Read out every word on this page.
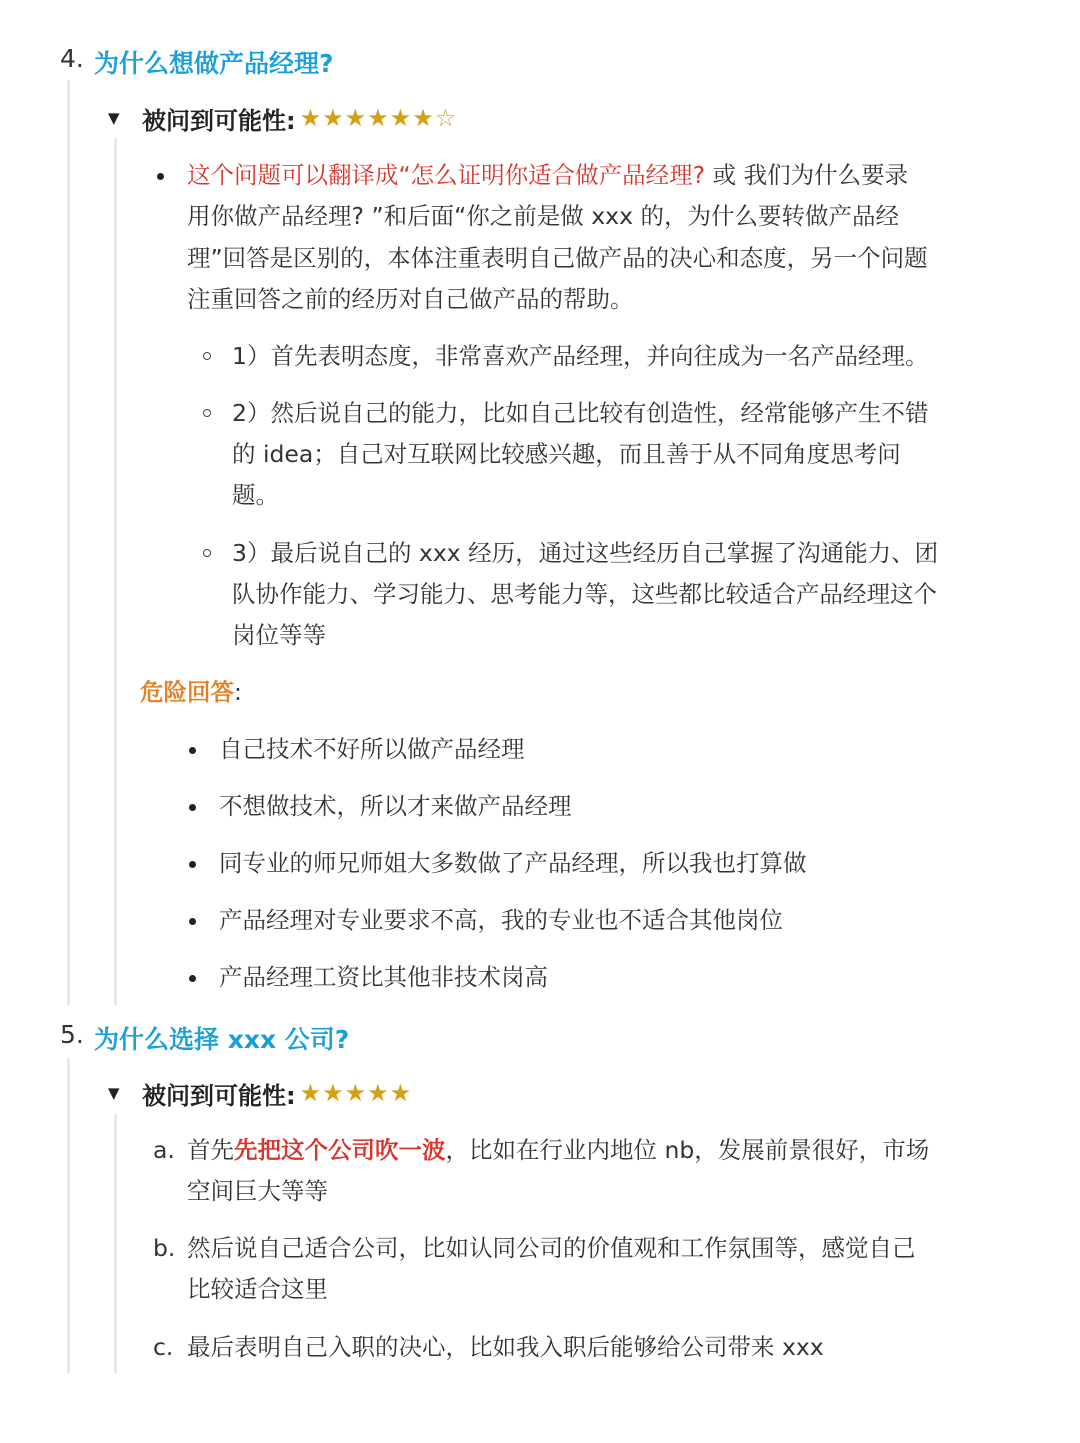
4. 为什么想做产品经理?
▼ 被问到可能性: ★★★★★★☆
这个问题可以翻译成“怎么证明你适合做产品经理? 或 我们为什么要录
用你做产品经理? ”和后面“你之前是做 xxx 的，为什么要转做产品经
理”回答是区别的，本体注重表明自己做产品的决心和态度，另一个问题
注重回答之前的经历对自己做产品的帮助。
1）首先表明态度，非常喜欢产品经理，并向往成为一名产品经理。
2）然后说自己的能力，比如自己比较有创造性，经常能够产生不错
的 idea；自己对互联网比较感兴趣，而且善于从不同角度思考问
题。
3）最后说自己的 xxx 经历，通过这些经历自己掌握了沟通能力、团
队协作能力、学习能力、思考能力等，这些都比较适合产品经理这个
岗位等等
危险回答:
自己技术不好所以做产品经理
不想做技术，所以才来做产品经理
同专业的师兄师姐大多数做了产品经理，所以我也打算做
产品经理对专业要求不高，我的专业也不适合其他岗位
产品经理工资比其他非技术岗高
5. 为什么选择 xxx 公司?
▼ 被问到可能性: ★★★★★
a. 首先先把这个公司吹一波，比如在行业内地位 nb，发展前景很好，市场
空间巨大等等
b. 然后说自己适合公司，比如认同公司的价值观和工作氛围等，感觉自己
比较适合这里
c. 最后表明自己入职的决心，比如我入职后能够给公司带来 xxx
